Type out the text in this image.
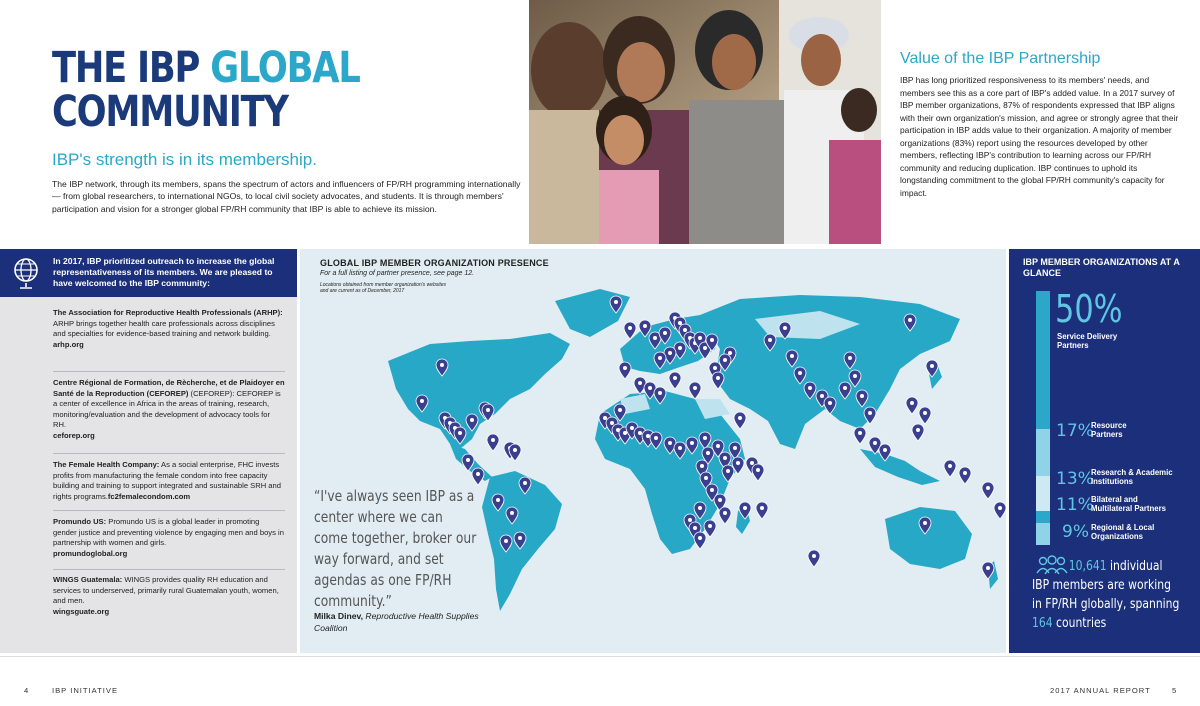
THE IBP GLOBAL
COMMUNITY
IBP's strength is in its membership.
The IBP network, through its members, spans the spectrum of actors and influencers of FP/RH programming internationally— from global researchers, to international NGOs, to local civil society advocates, and students. It is through members' participation and vision for a stronger global FP/RH community that IBP is able to achieve its mission.
Value of the IBP Partnership
IBP has long prioritized responsiveness to its members' needs, and members see this as a core part of IBP's added value. In a 2017 survey of IBP member organizations, 87% of respondents expressed that IBP aligns with their own organization's mission, and agree or strongly agree that their participation in IBP adds value to their organization. A majority of member organizations (83%) report using the resources developed by other members, reflecting IBP's contribution to learning across our FP/RH community and reducing duplication. IBP continues to uphold its longstanding commitment to the global FP/RH community's capacity for impact.
In 2017, IBP prioritized outreach to increase the global representativeness of its members. We are pleased to have welcomed to the IBP community:
The Association for Reproductive Health Professionals (ARHP): ARHP brings together health care professionals across disciplines and specialties for evidence-based training and network building.
arhp.org
Centre Régional de Formation, de Rècherche, et de Plaidoyer en Santé de la Reproduction (CEFOREP) (CEFOREP): CEFOREP is a center of excellence in Africa in the areas of training, research, monitoring/evaluation and the development of advocacy tools for RH.
ceforep.org
The Female Health Company: As a social enterprise, FHC invests profits from manufacturing the female condom into free capacity building and training to support integrated and sustainable SRH and rights programs.fc2femalecondom.com
Promundo US: Promundo US is a global leader in promoting gender justice and preventing violence by engaging men and boys in partnership with women and girls.
promundoglobal.org
WINGS Guatemala: WINGS provides quality RH education and services to underserved, primarily rural Guatemalan youth, women, and men.
wingsguate.org
GLOBAL IBP MEMBER ORGANIZATION PRESENCE
For a full listing of partner presence, see page 12.
Locations obtained from member organization's websites and are current as of December, 2017
“I've always seen IBP as a center where we can come together, broker our way forward, and set agendas as one FP/RH community.”
Milka Dinev, Reproductive Health Supplies Coalition
IBP MEMBER ORGANIZATIONS AT A GLANCE
50%
Service Delivery
Partners
17%
Resource
Partners
13%
Research & Academic
Institutions
11%
Bilateral and
Multilateral Partners
9% Regional & Local
Organizations
10,641 individual
IBP members are working
in FP/RH globally, spanning
164 countries
4	IBP INITIATIVE	2017 ANNUAL REPORT	5
